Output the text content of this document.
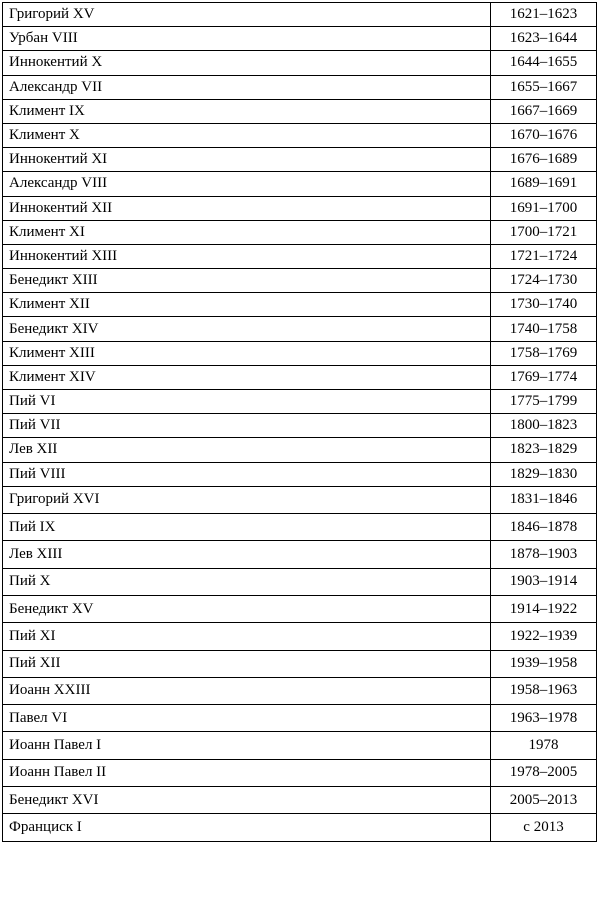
Григорий XV	1621–1623
Урбан VIII	1623–1644
Иннокентий X	1644–1655
Александр VII	1655–1667
Климент IX	1667–1669
Климент X	1670–1676
Иннокентий XI	1676–1689
Александр VIII	1689–1691
Иннокентий XII	1691–1700
Климент XI	1700–1721
Иннокентий XIII	1721–1724
Бенедикт XIII	1724–1730
Климент XII	1730–1740
Бенедикт XIV	1740–1758
Климент XIII	1758–1769
Климент XIV	1769–1774
Пий VI	1775–1799
Пий VII	1800–1823
Лев XII	1823–1829
Пий VIII	1829–1830
Григорий XVI	1831–1846
Пий IX	1846–1878
Лев XIII	1878–1903
Пий X	1903–1914
Бенедикт XV	1914–1922
Пий XI	1922–1939
Пий XII	1939–1958
Иоанн XXIII	1958–1963
Павел VI	1963–1978
Иоанн Павел I	1978
Иоанн Павел II	1978–2005
Бенедикт XVI	2005–2013
Франциск I	с 2013
